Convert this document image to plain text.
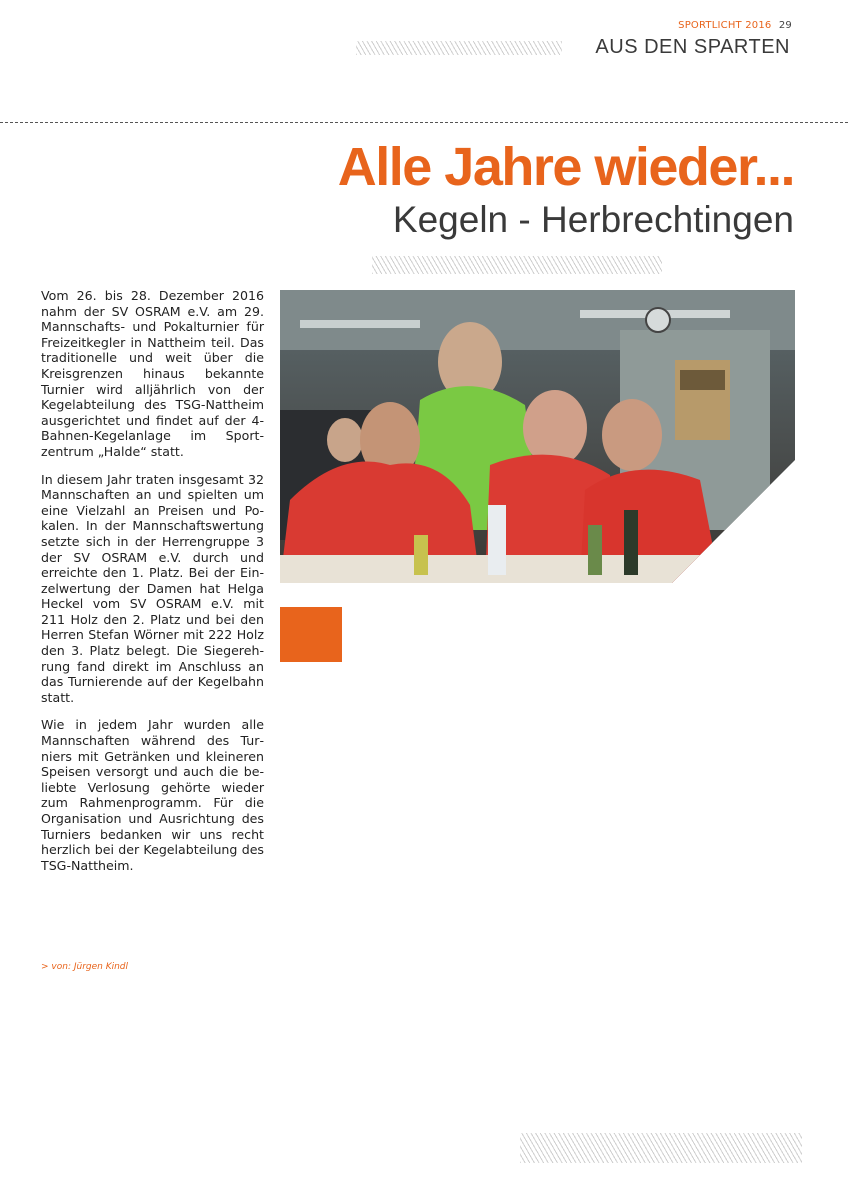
SPORTLICHT 2016 29
AUS DEN SPARTEN
Alle Jahre wieder...
Kegeln - Herbrechtingen

Vom 26. bis 28. Dezember 2016 nahm der SV OSRAM e.V. am 29. Mannschafts- und Pokalturnier für Freizeitkegler in Nattheim teil. Das traditionelle und weit über die Kreisgrenzen hinaus bekannte Turnier wird alljährlich von der Kegelabteilung des TSG-Nattheim ausgerichtet und findet auf der 4-Bahnen-Kegelanlage im Sportzentrum „Halde“ statt.

In diesem Jahr traten insgesamt 32 Mannschaften an und spielten um eine Vielzahl an Preisen und Pokalen. In der Mannschaftswertung setzte sich in der Herrengruppe 3 der SV OSRAM e.V. durch und erreichte den 1. Platz. Bei der Einzelwertung der Damen hat Helga Heckel vom SV OSRAM e.V. mit 211 Holz den 2. Platz und bei den Herren Stefan Wörner mit 222 Holz den 3. Platz belegt. Die Siegerehrung fand direkt im Anschluss an das Turnierende auf der Kegelbahn statt.

Wie in jedem Jahr wurden alle Mannschaften während des Turniers mit Getränken und kleineren Speisen versorgt und auch die beliebte Verlosung gehörte wieder zum Rahmenprogramm. Für die Organisation und Ausrichtung des Turniers bedanken wir uns recht herzlich bei der Kegelabteilung des TSG-Nattheim.

> von: Jürgen Kindl
